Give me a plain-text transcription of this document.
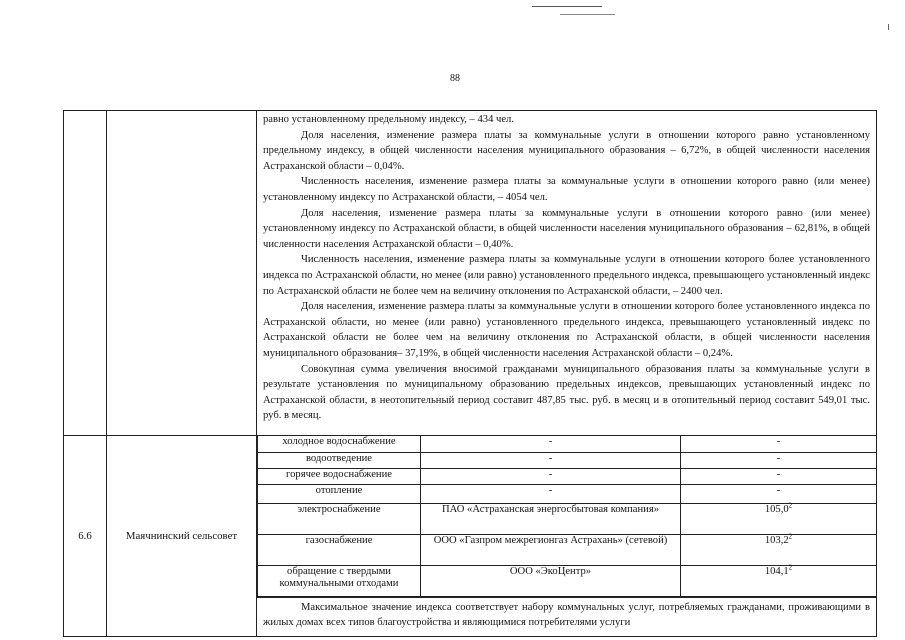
88

равно установленному предельному индексу, – 434 чел.

Доля населения, изменение размера платы за коммунальные услуги в отношении которого равно установленному предельному индексу, в общей численности населения муниципального образования – 6,72%, в общей численности населения Астраханской области – 0,04%.

Численность населения, изменение размера платы за коммунальные услуги в отношении которого равно (или менее) установленному индексу по Астраханской области, – 4054 чел.

Доля населения, изменение размера платы за коммунальные услуги в отношении которого равно (или менее) установленному индексу по Астраханской области, в общей численности населения муниципального образования – 62,81%, в общей численности населения Астраханской области – 0,40%.

Численность населения, изменение размера платы за коммунальные услуги в отношении которого более установленного индекса по Астраханской области, но менее (или равно) установленного предельного индекса, превышающего установленный индекс по Астраханской области не более чем на величину отклонения по Астраханской области, – 2400 чел.

Доля населения, изменение размера платы за коммунальные услуги в отношении которого более установленного индекса по Астраханской области, но менее (или равно) установленного предельного индекса, превышающего установленный индекс по Астраханской области не более чем на величину отклонения по Астраханской области, в общей численности населения муниципального образования– 37,19%, в общей численности населения Астраханской области – 0,24%.

Совокупная сумма увеличения вносимой гражданами муниципального образования платы за коммунальные услуги в результате установления по муниципальному образованию предельных индексов, превышающих установленный индекс по Астраханской области, в неотопительный период составит 487,85 тыс. руб. в месяц и в отопительный период составит 549,01 тыс. руб. в месяц.

6.6	Маячнинский сельсовет	
холодное водоснабжение	-	-
водоотведение	-	-
горячее водоснабжение	-	-
отопление	-	-
электроснабжение	ПАО «Астраханская энергосбытовая компания»	105,0$^2$
газоснабжение	ООО «Газпром межрегионгаз Астрахань» (сетевой)	103,2$^2$
обращение с твердыми коммунальными отходами	ООО «ЭкоЦентр»	104,1$^2$

Максимальное значение индекса соответствует набору коммунальных услуг, потребляемых гражданами, проживающими в жилых домах всех типов благоустройства и являющимися потребителями услуги
